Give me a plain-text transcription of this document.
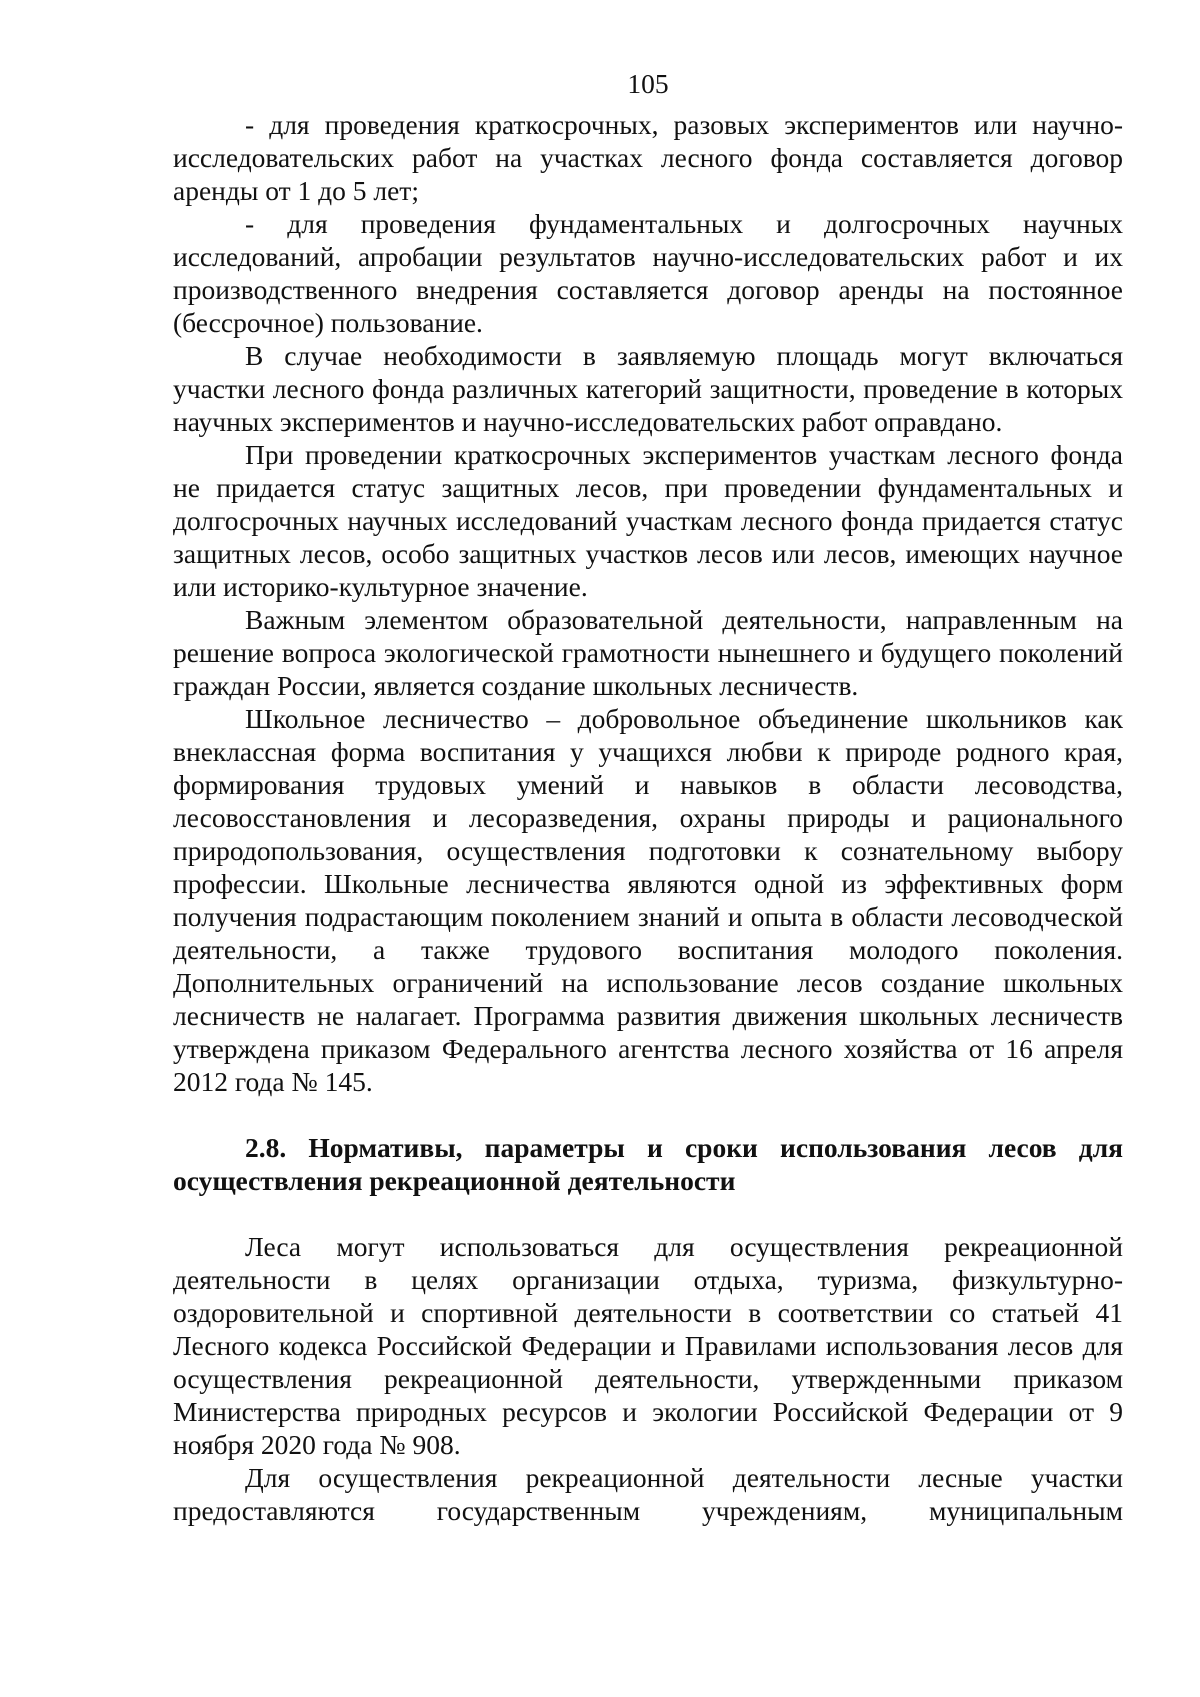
105

- для проведения краткосрочных, разовых экспериментов или научно-исследовательских работ на участках лесного фонда составляется договор аренды от 1 до 5 лет;

- для проведения фундаментальных и долгосрочных научных исследований, апробации результатов научно-исследовательских работ и их производственного внедрения составляется договор аренды на постоянное (бессрочное) пользование.

В случае необходимости в заявляемую площадь могут включаться участки лесного фонда различных категорий защитности, проведение в которых научных экспериментов и научно-исследовательских работ оправдано.

При проведении краткосрочных экспериментов участкам лесного фонда не придается статус защитных лесов, при проведении фундаментальных и долгосрочных научных исследований участкам лесного фонда придается статус защитных лесов, особо защитных участков лесов или лесов, имеющих научное или историко-культурное значение.

Важным элементом образовательной деятельности, направленным на решение вопроса экологической грамотности нынешнего и будущего поколений граждан России, является создание школьных лесничеств.

Школьное лесничество – добровольное объединение школьников как внеклассная форма воспитания у учащихся любви к природе родного края, формирования трудовых умений и навыков в области лесоводства, лесовосстановления и лесоразведения, охраны природы и рационального природопользования, осуществления подготовки к сознательному выбору профессии. Школьные лесничества являются одной из эффективных форм получения подрастающим поколением знаний и опыта в области лесоводческой деятельности, а также трудового воспитания молодого поколения. Дополнительных ограничений на использование лесов создание школьных лесничеств не налагает. Программа развития движения школьных лесничеств утверждена приказом Федерального агентства лесного хозяйства от 16 апреля 2012 года № 145.

2.8. Нормативы, параметры и сроки использования лесов для осуществления рекреационной деятельности

Леса могут использоваться для осуществления рекреационной деятельности в целях организации отдыха, туризма, физкультурно-оздоровительной и спортивной деятельности в соответствии со статьей 41 Лесного кодекса Российской Федерации и Правилами использования лесов для осуществления рекреационной деятельности, утвержденными приказом Министерства природных ресурсов и экологии Российской Федерации от 9 ноября 2020 года № 908.

Для осуществления рекреационной деятельности лесные участки предоставляются государственным учреждениям, муниципальным
